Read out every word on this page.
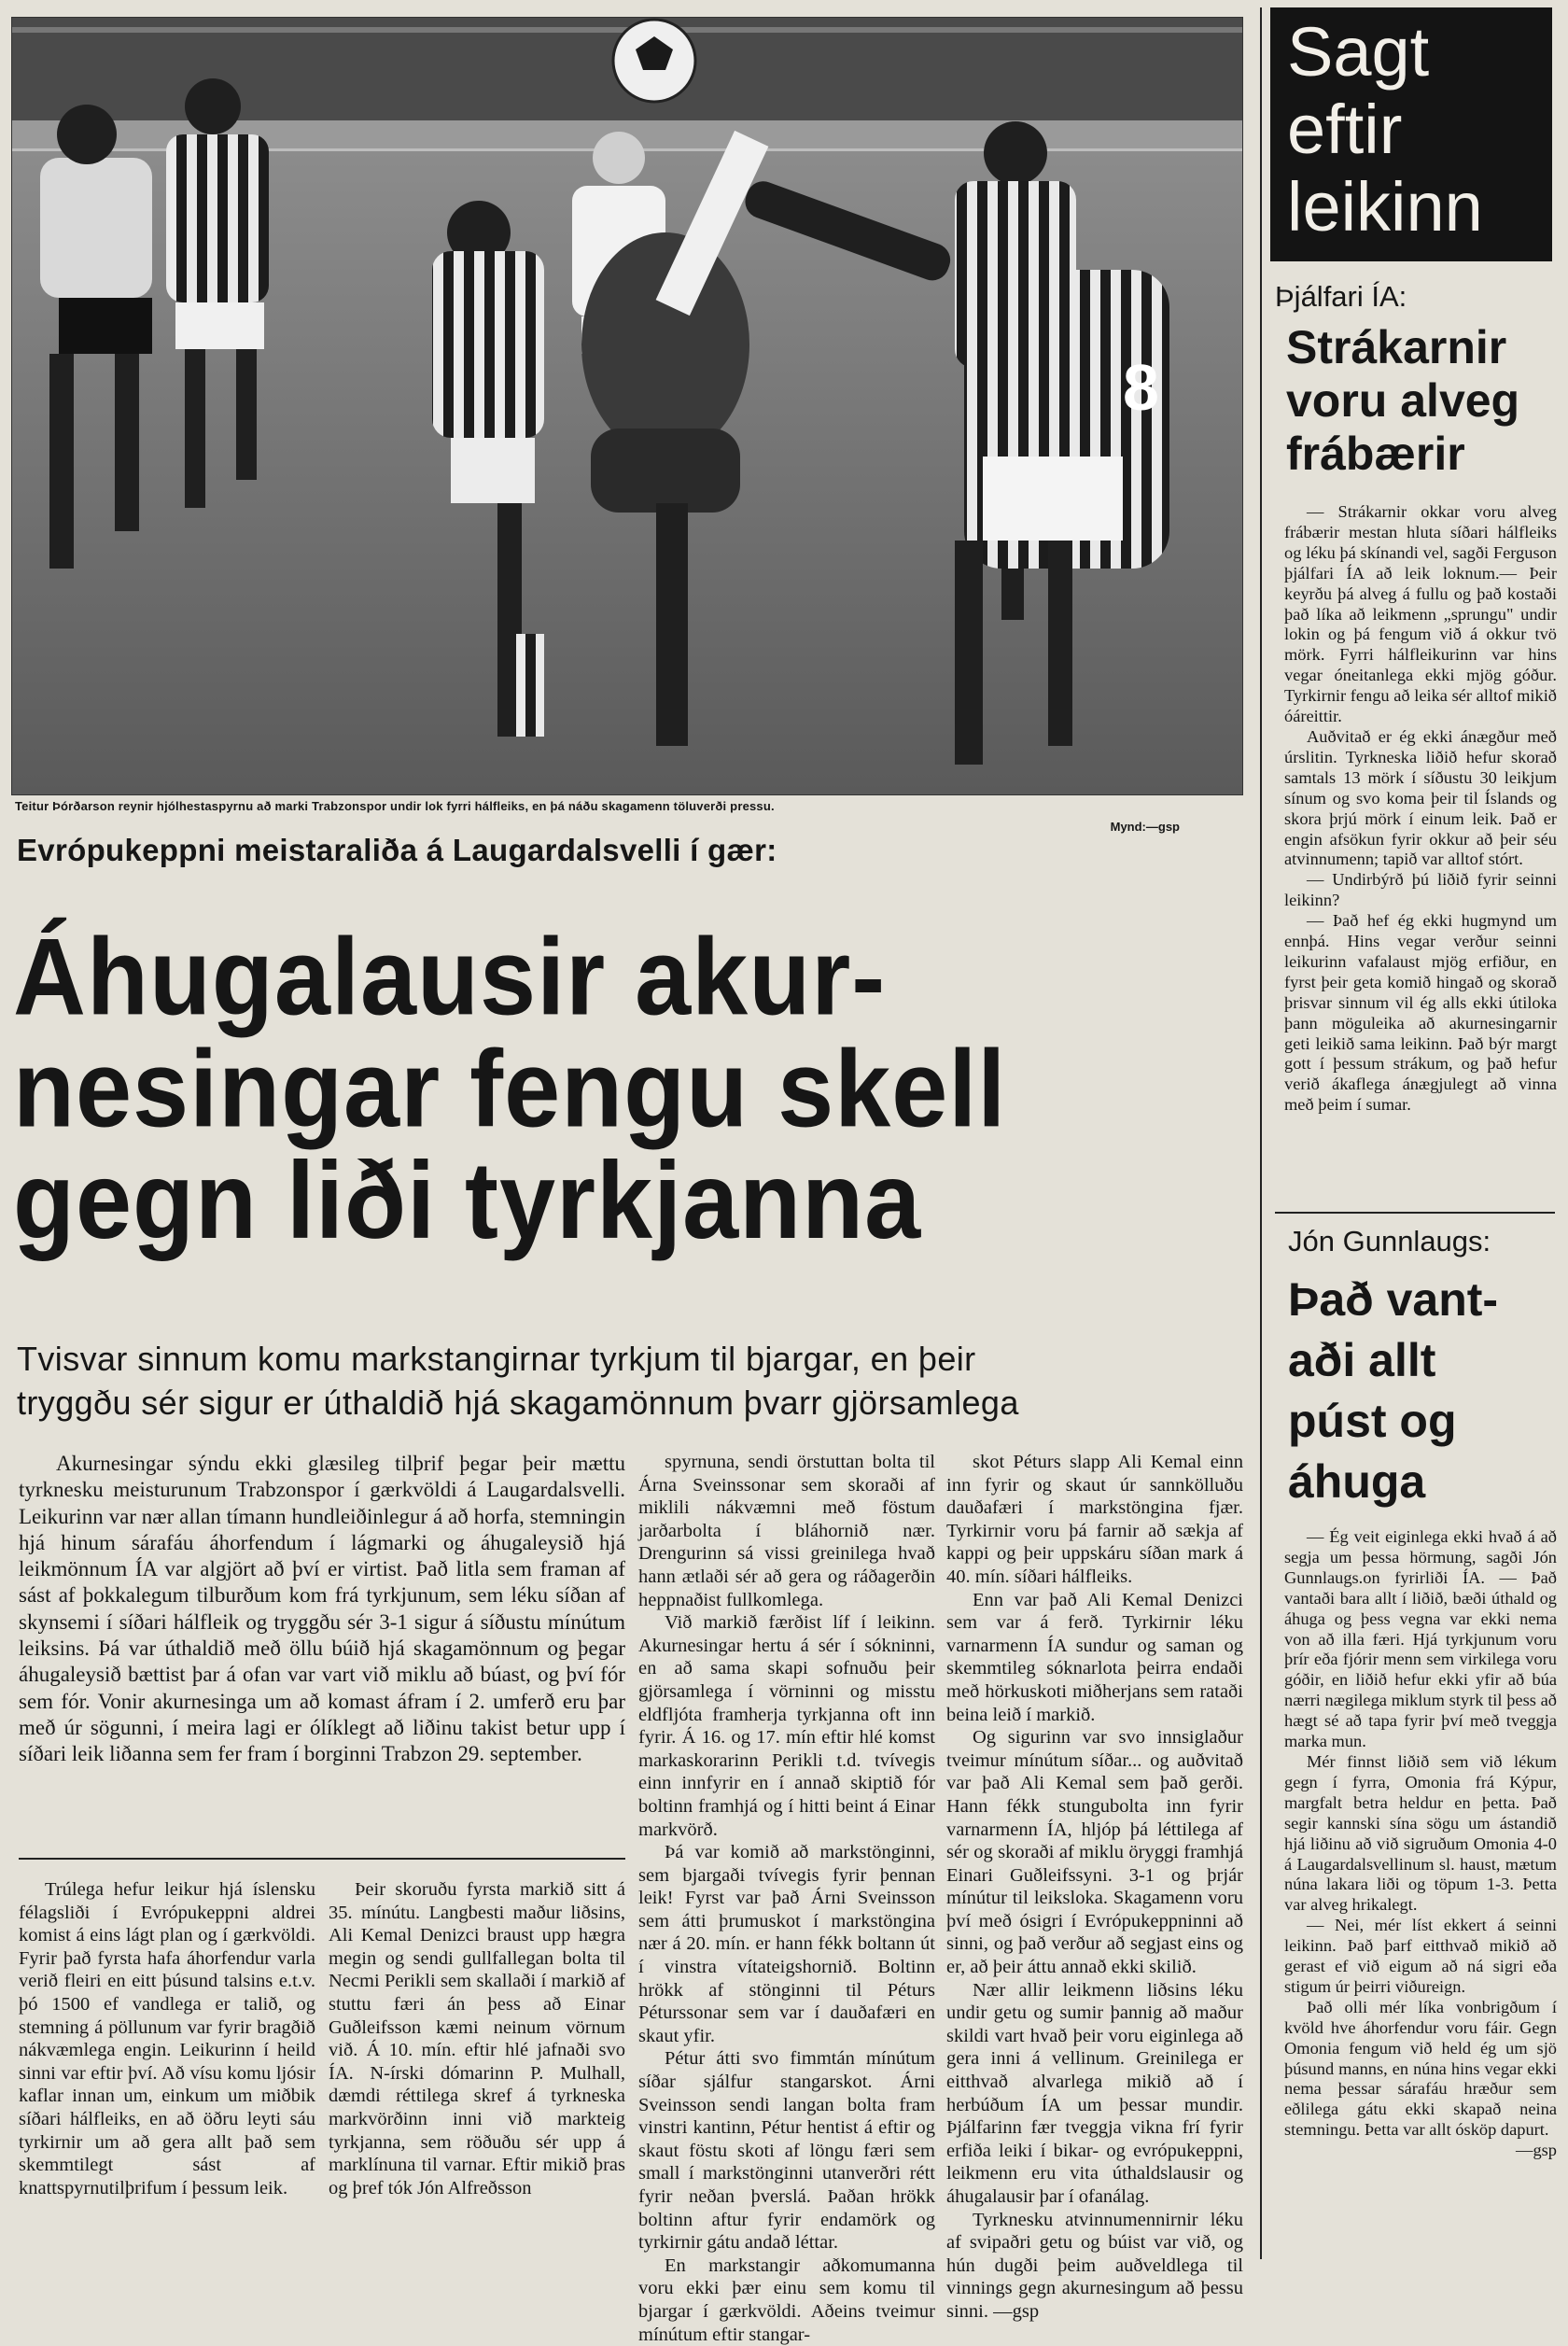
8
Teitur Þórðarson reynir hjólhestaspyrnu að marki Trabzonspor undir lok fyrri hálfleiks, en þá náðu skagamenn töluverði pressu.
Mynd:—gsp
Evrópukeppni meistaraliða á Laugardalsvelli í gær:
Áhugalausir akur-
nesingar fengu skell
gegn liði tyrkjanna
Tvisvar sinnum komu markstangirnar tyrkjum til bjargar, en þeir
tryggðu sér sigur er úthaldið hjá skagamönnum þvarr gjörsamlega

Akurnesingar sýndu ekki glæsileg tilþrif þegar þeir mættu tyrknesku meisturunum Trabzonspor í gærkvöldi á Laugardalsvelli. Leikurinn var nær allan tímann hundleiðinlegur á að horfa, stemningin hjá hinum sárafáu áhorfendum í lágmarki og áhugaleysið hjá leikmönnum ÍA var algjört að því er virtist. Það litla sem framan af sást af þokkalegum tilburðum kom frá tyrkjunum, sem léku síðan af skynsemi í síðari hálfleik og tryggðu sér 3-1 sigur á síðustu mínútum leiksins. Þá var úthaldið með öllu búið hjá skagamönnum og þegar áhugaleysið bættist þar á ofan var vart við miklu að búast, og því fór sem fór. Vonir akurnesinga um að komast áfram í 2. umferð eru þar með úr sögunni, í meira lagi er ólíklegt að liðinu takist betur upp í síðari leik liðanna sem fer fram í borginni Trabzon 29. september.

Trúlega hefur leikur hjá íslensku félagsliði í Evrópukeppni aldrei komist á eins lágt plan og í gærkvöldi. Fyrir það fyrsta hafa áhorfendur varla verið fleiri en eitt þúsund talsins e.t.v. þó 1500 ef vandlega er talið, og stemning á pöllunum var fyrir bragðið nákvæmlega engin. Leikurinn í heild sinni var eftir því. Að vísu komu ljósir kaflar innan um, einkum um miðbik síðari hálfleiks, en að öðru leyti sáu tyrkirnir um að gera allt það sem skemmtilegt sást af knattspyrnutilþrifum í þessum leik.

Þeir skoruðu fyrsta markið sitt á 35. mínútu. Langbesti maður liðsins, Ali Kemal Denizci braust upp hægra megin og sendi gullfallegan bolta til Necmi Perikli sem skallaði í markið af stuttu færi án þess að Einar Guðleifsson kæmi neinum vörnum við. Á 10. mín. eftir hlé jafnaði svo ÍA. N-írski dómarinn P. Mulhall, dæmdi réttilega skref á tyrkneska markvörðinn inni við markteig tyrkjanna, sem röðuðu sér upp á marklínuna til varnar. Eftir mikið þras og þref tók Jón Alfreðsson

spyrnuna, sendi örstuttan bolta til Árna Sveinssonar sem skoraði af miklili nákvæmni með föstum jarðarbolta í bláhornið nær. Drengurinn sá vissi greinilega hvað hann ætlaði sér að gera og ráðagerðin heppnaðist fullkomlega.

Við markið færðist líf í leikinn. Akurnesingar hertu á sér í sókninni, en að sama skapi sofnuðu þeir gjörsamlega í vörninni og misstu eldfljóta framherja tyrkjanna oft inn fyrir. Á 16. og 17. mín eftir hlé komst markaskorarinn Perikli t.d. tvívegis einn innfyrir en í annað skiptið fór boltinn framhjá og í hitti beint á Einar markvörð.

Þá var komið að markstönginni, sem bjargaði tvívegis fyrir þennan leik! Fyrst var það Árni Sveinsson sem átti þrumuskot í markstöngina nær á 20. mín. er hann fékk boltann út í vinstra vítateigshornið. Boltinn hrökk af stönginni til Péturs Péturssonar sem var í dauðafæri en skaut yfir.

Pétur átti svo fimmtán mínútum síðar sjálfur stangarskot. Árni Sveinsson sendi langan bolta fram vinstri kantinn, Pétur hentist á eftir og skaut föstu skoti af löngu færi sem small í markstönginni utanverðri rétt fyrir neðan þverslá. Þaðan hrökk boltinn aftur fyrir endamörk og tyrkirnir gátu andað léttar.

En markstangir aðkomumanna voru ekki þær einu sem komu til bjargar í gærkvöldi. Aðeins tveimur mínútum eftir stangar-

skot Péturs slapp Ali Kemal einn inn fyrir og skaut úr sannkölluðu dauðafæri í markstöngina fjær. Tyrkirnir voru þá farnir að sækja af kappi og þeir uppskáru síðan mark á 40. mín. síðari hálfleiks.

Enn var það Ali Kemal Denizci sem var á ferð. Tyrkirnir léku varnarmenn ÍA sundur og saman og skemmtileg sóknarlota þeirra endaði með hörkuskoti miðherjans sem rataði beina leið í markið.

Og sigurinn var svo innsiglaður tveimur mínútum síðar... og auðvitað var það Ali Kemal sem það gerði. Hann fékk stungubolta inn fyrir varnarmenn ÍA, hljóp þá léttilega af sér og skoraði af miklu öryggi framhjá Einari Guðleifssyni. 3-1 og þrjár mínútur til leiksloka. Skagamenn voru því með ósigri í Evrópukeppninni að sinni, og það verður að segjast eins og er, að þeir áttu annað ekki skilið.

Nær allir leikmenn liðsins léku undir getu og sumir þannig að maður skildi vart hvað þeir voru eiginlega að gera inni á vellinum. Greinilega er eitthvað alvarlega mikið að í herbúðum ÍA um þessar mundir. Þjálfarinn fær tveggja vikna frí fyrir erfiða leiki í bikar- og evrópukeppni, leikmenn eru vita úthaldslausir og áhugalausir þar í ofanálag.

Tyrknesku atvinnumennirnir léku af svipaðri getu og búist var við, og hún dugði þeim auðveldlega til vinnings gegn akurnesingum að þessu sinni. —gsp

Sagt
eftir
leikinn
Þjálfari ÍA:
Strákarnir
voru alveg
frábærir

— Strákarnir okkar voru alveg frábærir mestan hluta síðari hálfleiks og léku þá skínandi vel, sagði Ferguson þjálfari ÍA að leik loknum.— Þeir keyrðu þá alveg á fullu og það kostaði það líka að leikmenn „sprungu" undir lokin og þá fengum við á okkur tvö mörk. Fyrri hálfleikurinn var hins vegar óneitanlega ekki mjög góður. Tyrkirnir fengu að leika sér alltof mikið óáreittir.

Auðvitað er ég ekki ánægður með úrslitin. Tyrkneska liðið hefur skorað samtals 13 mörk í síðustu 30 leikjum sínum og svo koma þeir til Íslands og skora þrjú mörk í einum leik. Það er engin afsökun fyrir okkur að þeir séu atvinnumenn; tapið var alltof stórt.

— Undirbýrð þú liðið fyrir seinni leikinn?

— Það hef ég ekki hugmynd um ennþá. Hins vegar verður seinni leikurinn vafalaust mjög erfiður, en fyrst þeir geta komið hingað og skorað þrisvar sinnum vil ég alls ekki útiloka þann möguleika að akurnesingarnir geti leikið sama leikinn. Það býr margt gott í þessum strákum, og það hefur verið ákaflega ánægjulegt að vinna með þeim í sumar.

Jón Gunnlaugs:
Það vant-
aði allt
púst og
áhuga

— Ég veit eiginlega ekki hvað á að segja um þessa hörmung, sagði Jón Gunnlaugs.on fyrirliði ÍA. — Það vantaði bara allt í liðið, bæði úthald og áhuga og þess vegna var ekki nema von að illa færi. Hjá tyrkjunum voru þrír eða fjórir menn sem virkilega voru góðir, en liðið hefur ekki yfir að búa nærri nægilega miklum styrk til þess að hægt sé að tapa fyrir því með tveggja marka mun.

Mér finnst liðið sem við lékum gegn í fyrra, Omonia frá Kýpur, margfalt betra heldur en þetta. Það segir kannski sína sögu um ástandið hjá liðinu að við sigruðum Omonia 4-0 á Laugardalsvellinum sl. haust, mætum núna lakara liði og töpum 1-3. Þetta var alveg hrikalegt.

— Nei, mér líst ekkert á seinni leikinn. Það þarf eitthvað mikið að gerast ef við eigum að ná sigri eða stigum úr þeirri viðureign.

Það olli mér líka vonbrigðum í kvöld hve áhorfendur voru fáir. Gegn Omonia fengum við held ég um sjö þúsund manns, en núna hins vegar ekki nema þessar sárafáu hræður sem eðlilega gátu ekki skapað neina stemningu. Þetta var allt ósköp dapurt.

—gsp
